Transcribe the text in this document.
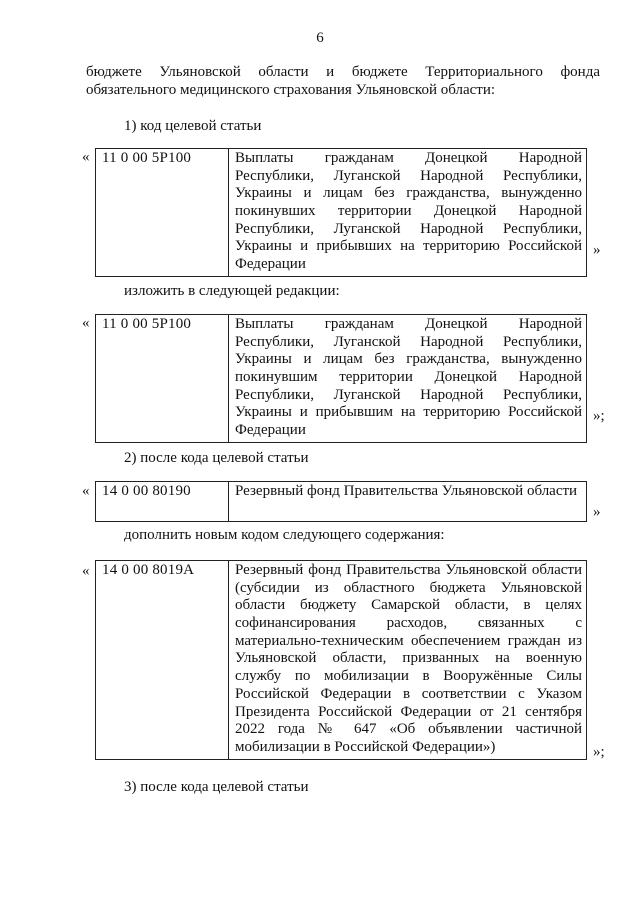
6
бюджете Ульяновской области и бюджете Территориального фонда
обязательного медицинского страхования Ульяновской области:
1) код целевой статьи
« 11 0 00 5Р100	Выплаты гражданам Донецкой Народной Республики, Луганской Народной Республики, Украины и лицам без гражданства, вынужденно покинувших территории Донецкой Народной Республики, Луганской Народной Республики, Украины и прибывших на территорию Российской Федерации
»
изложить в следующей редакции:
« 11 0 00 5Р100	Выплаты гражданам Донецкой Народной Республики, Луганской Народной Республики, Украины и лицам без гражданства, вынужденно покинувшим территории Донецкой Народной Республики, Луганской Народной Республики, Украины и прибывшим на территорию Российской Федерации
»;
2) после кода целевой статьи
« 14 0 00 80190	Резервный фонд Правительства Ульяновской области
»
дополнить новым кодом следующего содержания:
« 14 0 00 8019А	Резервный фонд Правительства Ульяновской области (субсидии из областного бюджета Ульяновской области бюджету Самарской области, в целях софинансирования расходов, связанных с материально-техническим обеспечением граждан из Ульяновской области, призванных на военную службу по мобилизации в Вооружённые Силы Российской Федерации в соответствии с Указом Президента Российской Федерации от 21 сентября 2022 года № 647 «Об объявлении частичной мобилизации в Российской Федерации»)	»;
3) после кода целевой статьи
